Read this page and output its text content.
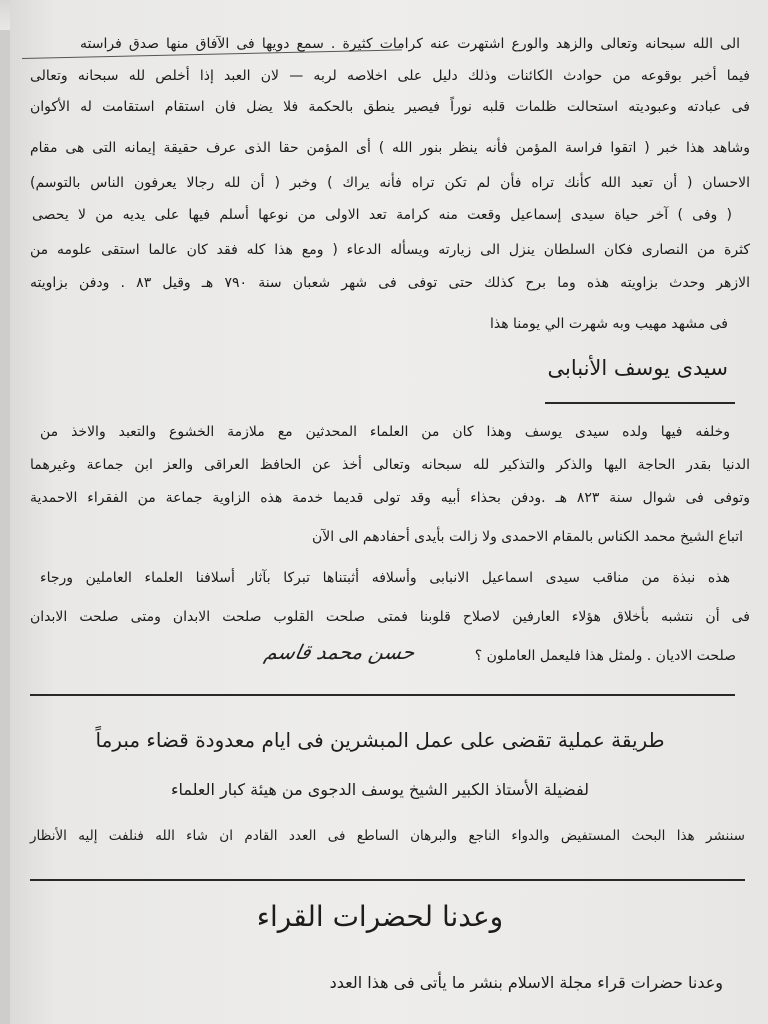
الى الله سبحانه وتعالى والزهد والورع اشتهرت عنه كرامات كثيرة . سمع دويها فى الآفاق منها صدق فراسته
فيما أخبر بوقوعه من حوادث الكائنات وذلك دليل على اخلاصه لربه — لان العبد إذا أخلص لله سبحانه وتعالى
فى عبادته وعبوديته استحالت ظلمات قلبه نوراً فيصير ينطق بالحكمة فلا يضل فان استقام استقامت له الأكوان
وشاهد هذا خبر ( اتقوا فراسة المؤمن فأنه ينظر بنور الله ) أى المؤمن حقا الذى عرف حقيقة إيمانه التى هى مقام
الاحسان ( أن تعبد الله كأنك تراه فأن لم تكن تراه فأنه يراك ) وخبر ( أن لله رجالا يعرفون الناس بالتوسم)
( وفى ) آخر حياة سيدى إسماعيل وقعت منه كرامة تعد الاولى من نوعها أسلم فيها على يديه من لا يحصى
كثرة من النصارى فكان السلطان ينزل الى زيارته ويسأله الدعاء ( ومع هذا كله فقد كان عالما استقى علومه من
الازهر وحدث بزاويته هذه وما برح كذلك حتى توفى فى شهر شعبان سنة ٧٩٠ هـ وقيل ٨٣ . ودفن بزاويته
فى مشهد مهيب وبه شهرت الي يومنا هذا
سيدى يوسف الأنبابى
وخلفه فيها ولده سيدى يوسف وهذا كان من العلماء المحدثين مع ملازمة الخشوع والتعبد والاخذ من
الدنيا بقدر الحاجة اليها والذكر والتذكير لله سبحانه وتعالى أخذ عن الحافظ العراقى والعز ابن جماعة وغيرهما
وتوفى فى شوال سنة ٨٢٣ هـ .ودفن بحذاء أبيه وقد تولى قديما خدمة هذه الزاوية جماعة من الفقراء الاحمدية
اتباع الشيخ محمد الكناس بالمقام الاحمدى ولا زالت بأيدى أحفادهم الى الآن
هذه نبذة من مناقب سيدى اسماعيل الانبابى وأسلافه أثبتناها تبركا بآثار أسلافنا العلماء العاملين ورجاء
فى أن نتشبه بأخلاق هؤلاء العارفين لاصلاح قلوبنا فمتى صلحت القلوب صلحت الابدان ومتى صلحت الابدان
صلحت الاديان . ولمثل هذا فليعمل العاملون ؟
حسن محمد قاسم
طريقة عملية تقضى على عمل المبشرين فى ايام معدودة قضاء مبرماً
لفضيلة الأستاذ الكبير الشيخ يوسف الدجوى من هيئة كبار العلماء
سننشر هذا البحث المستفيض والدواء الناجع والبرهان الساطع فى العدد القادم ان شاء الله فنلفت إليه الأنظار
وعدنا لحضرات القراء
وعدنا حضرات قراء مجلة الاسلام بنشر ما يأتى فى هذا العدد
